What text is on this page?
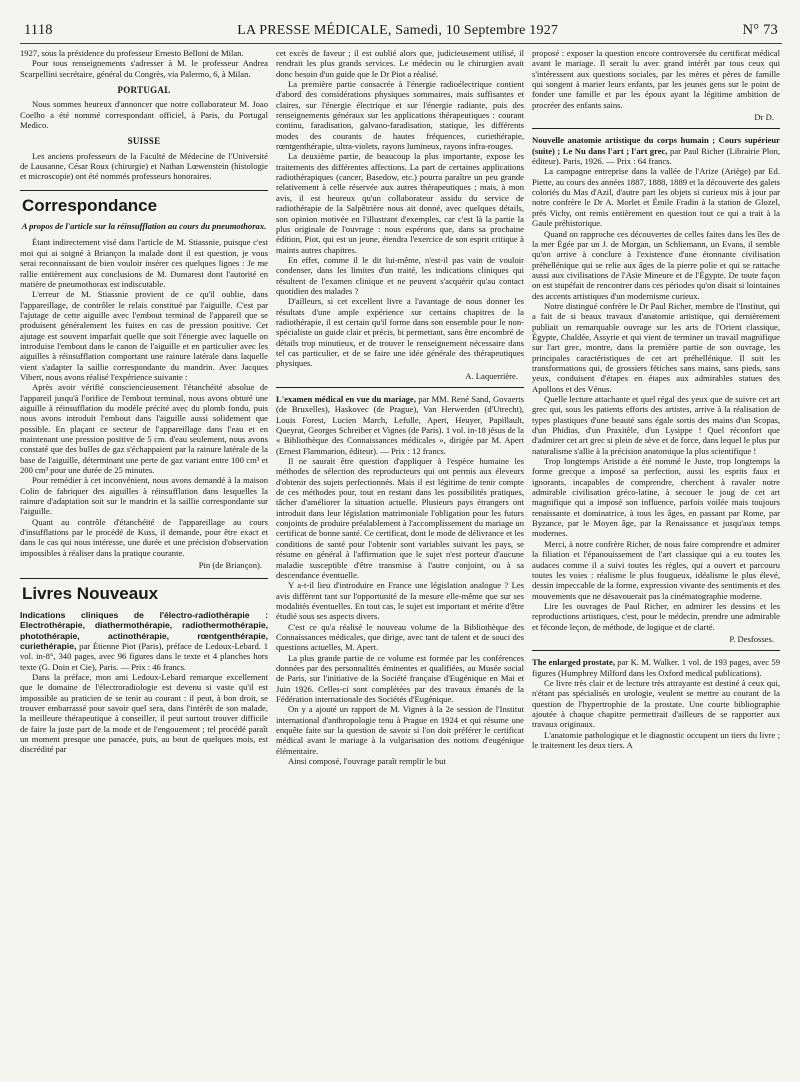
1118	LA PRESSE MÉDICALE, Samedi, 10 Septembre 1927	N° 73

1927, sous la présidence du professeur Ernesto Belloni de Milan.

Pour tous renseignements s'adresser à M. le professeur Andrea Scarpellini secrétaire, général du Congrès, via Palermo, 6, à Milan.

PORTUGAL

Nous sommes heureux d'annoncer que notre collaborateur M. Joao Coelho a été nommé correspondant officiel, à Paris, du Portugal Medico.

SUISSE

Les anciens professeurs de la Faculté de Médecine de l'Université de Lausanne, César Roux (chirurgie) et Nathan Lœwenstein (histologie et microscopie) ont été nommés professeurs honoraires.

Correspondance
A propos de l'article sur la réinsufflation au cours du pneumothorax.

Étant indirectement visé dans l'article de M. Stiassnie, puisque c'est moi qui ai soigné à Briançon la malade dont il est question, je vous serai reconnaissant de bien vouloir insérer ces quelques lignes : Je me rallie entièrement aux conclusions de M. Dumarest dont l'autorité en matière de pneumothorax est indiscutable.

L'erreur de M. Stiassnie provient de ce qu'il oublie, dans l'appareillage, de contrôler le relais constitué par l'aiguille. C'est par l'ajutage de cette aiguille avec l'embout terminal de l'appareil que se produisent généralement les fuites en cas de pression positive. Cet ajutage est souvent imparfait quelle que soit l'énergie avec laquelle on introduise l'embout dans le canon de l'aiguille et en particulier avec les aiguilles à réinsufflation comportant une rainure latérale dans laquelle vient s'adapter la saillie correspondante du mandrin. Avec Jacques Vibert, nous avons réalisé l'expérience suivante :

Après avoir vérifié consciencieusement l'étanchéité absolue de l'appareil jusqu'à l'orifice de l'embout terminal, nous avons obturé une aiguille à réinsufflation du modèle précité avec du plomb fondu, puis nous avons introduit l'embout dans l'aiguille aussi solidement que possible. En plaçant ce secteur de l'appareillage dans l'eau et en maintenant une pression positive de 5 cm. d'eau seulement, nous avons constaté que des bulles de gaz s'échappaient par la rainure latérale de la base de l'aiguille, déterminant une perte de gaz variant entre 100 cm³ et 200 cm³ pour une durée de 25 minutes.

Pour remédier à cet inconvénient, nous avons demandé à la maison Colin de fabriquer des aiguilles à réinsufflation dans lesquelles la rainure d'adaptation soit sur le mandrin et la saillie correspondante sur l'aiguille.

Quant au contrôle d'étanchéité de l'appareillage au cours d'insufflations par le procédé de Kuss, il demande, pour être exact et dans le cas qui nous intéresse, une durée et une précision d'observation impossibles à réaliser dans la pratique courante.

Pin (de Briançon).
Livres Nouveaux

Indications cliniques de l'électro-radiothérapie : Electrothérapie, diathermothérapie, radiothermothérapie, photothérapie, actinothérapie, rœntgenthérapie, curiethérapie, par Étienne Piot (Paris), préface de Ledoux-Lebard. 1 vol. in-8°, 340 pages, avec 96 figures dans le texte et 4 planches hors texte (G. Doin et Cie), Paris. — Prix : 46 francs.

Dans la préface, mon ami Ledoux-Lebard remarque excellement que le domaine de l'électroradiologie est devenu si vaste qu'il est impossible au praticien de se tenir au courant : il peut, à bon droit, se trouver embarrassé pour savoir quel sera, dans l'intérêt de son malade, la meilleure thérapeutique à conseiller, il peut surtout trouver difficile de faire la juste part de la mode et de l'engouement ; tel procédé paraît un moment presque une panacée, puis, au bout de quelques mois, est discrédité par

cet excès de faveur ; il est oublié alors que, judicieusement utilisé, il rendrait les plus grands services. Le médecin ou le chirurgien avait donc besoin d'un guide que le Dr Piot a réalisé.

La première partie consacrée à l'énergie radioélectrique contient d'abord des considérations physiques sommaires, mais suffisantes et claires, sur l'énergie électrique et sur l'énergie radiante, puis des renseignements généraux sur les applications thérapeutiques : courant continu, faradisation, galvano-faradisation, statique, les différents modes des courants de hautes fréquences, curiethérapie, rœntgenthérapie, ultra-violets, rayons lumineux, rayons infra-rouges.

La deuxième partie, de beaucoup la plus importante, expose les traitements des différentes affections. La part de certaines applications radiothérapiques (cancer, Basedow, etc.) pourra paraître un peu grande relativement à celle réservée aux autres thérapeutiques ; mais, à mon avis, il est heureux qu'un collaborateur assidu du service de radiothérapie de la Salpêtrière nous ait donné, avec quelques détails, son opinion motivée en l'illustrant d'exemples, car c'est là la partie la plus originale de l'ouvrage : nous espérons que, dans sa prochaine édition, Piot, qui est un jeune, étendra l'exercice de son esprit critique à maints autres chapitres.

En effet, comme il le dit lui-même, n'est-il pas vain de vouloir condenser, dans les limites d'un traité, les indications cliniques qui résultent de l'examen clinique et ne peuvent s'acquérir qu'au contact quotidien des malades ?

D'ailleurs, si cet excellent livre a l'avantage de nous donner les résultats d'une ample expérience sur certains chapitres de la radiothérapie, il est certain qu'il forme dans son ensemble pour le non-spécialiste un guide clair et précis, bi permettant, sans être encombré de détails trop minutieux, et de trouver le renseignement nécessaire dans tel cas particulier, et de se faire une idée générale des thérapeutiques physiques.

A. Laquerrière.

L'examen médical en vue du mariage, par MM. René Sand, Govaerts (de Bruxelles), Haskovec (de Prague), Van Herwerden (d'Utrecht), Louis Forest, Lucien March, Lefulle, Apert, Heuyer, Papillault, Queyrat, Georges Schreiber et Vignes (de Paris). 1 vol. in-18 jésus de la « Bibliothèque des Connaissances médicales », dirigée par M. Apert (Ernest Flammarion, éditeur). — Prix : 12 francs.

Il ne saurait être question d'appliquer à l'espèce humaine les méthodes de sélection des reproducteurs qui ont permis aux éleveurs d'obtenir des sujets perfectionnés. Mais il est légitime de tenir compte de ces méthodes pour, tout en restant dans les possibilités pratiques, tâcher d'améliorer la situation actuelle. Plusieurs pays étrangers ont introduit dans leur législation matrimoniale l'obligation pour les futurs conjoints de produire préalablement à l'accomplissement du mariage un certificat de bonne santé. Ce certificat, dont le mode de délivrance et les conditions de santé pour l'obtenir sont variables suivant les pays, se résume en général à l'affirmation que le sujet n'est porteur d'aucune maladie susceptible d'être transmise à l'autre conjoint, ou à sa descendance éventuelle.

Y a-t-il lieu d'introduire en France une législation analogue ? Les avis diffèrent tant sur l'opportunité de la mesure elle-même que sur ses modalités éventuelles. En tout cas, le sujet est important et mérite d'être étudié sous ses aspects divers.

C'est ce qu'a réalisé le nouveau volume de la Bibliothèque des Connaissances médicales, que dirige, avec tant de talent et de souci des questions actuelles, M. Apert.

La plus grande partie de ce volume est formée par les conférences données par des personnalités éminentes et qualifiées, au Musée social de Paris, sur l'initiative de la Société française d'Eugénique en Mai et Juin 1926. Celles-ci sont complétées par des travaux émanés de la Fédération internationale des Sociétés d'Eugénique.

On y a ajouté un rapport de M. Vignes à la 2e session de l'Institut international d'anthropologie tenu à Prague en 1924 et qui résume une enquête faite sur la question de savoir si l'on doit préférer le certificat médical avant le mariage à la vulgarisation des notions d'eugénique élémentaire.

Ainsi composé, l'ouvrage paraît remplir le but

proposé : exposer la question encore controversée du certificat médical avant le mariage. Il serait lu avec grand intérêt par tous ceux qui s'intéressent aux questions sociales, par les mères et pères de famille qui songent à marier leurs enfants, par les jeunes gens sur le point de fonder une famille et par les époux ayant la légitime ambition de procréer des enfants sains.

Dr D.

Nouvelle anatomie artistique du corps humain ; Cours supérieur (suite) ; Le Nu dans l'art ; l'art grec, par Paul Richer (Librairie Plon, éditeur). Paris, 1926. — Prix : 64 francs.

La campagne entreprise dans la vallée de l'Arize (Ariège) par Ed. Piette, au cours des années 1887, 1888, 1889 et la découverte des galets coloriés du Mas d'Azil, d'autre part les objets si curieux mis à jour par notre confrère le Dr A. Morlet et Émile Fradin à la station de Glozel, près Vichy, ont remis entièrement en question tout ce qui a trait à la Gaule préhistorique.

Quand on rapproche ces découvertes de celles faites dans les îles de la mer Égée par un J. de Morgan, un Schliemann, un Evans, il semble qu'on arrive à conclure à l'existence d'une étonnante civilisation préhellénique qui se relie aux âges de la pierre polie et qui se rattache aussi aux civilisations de l'Asie Mineure et de l'Égypte. De toute façon on est stupéfait de rencontrer dans ces périodes qu'on disait si lointaines des accents artistiques d'un modernisme curieux.

Notre distingué confrère le Dr Paul Richer, membre de l'Institut, qui a fait de si beaux travaux d'anatomie artistique, qui dernièrement publiait un remarquable ouvrage sur les arts de l'Orient classique, Égypte, Chaldée, Assyrie et qui vient de terminer un travail magnifique sur l'art grec, montre, dans la première partie de son ouvrage, les principales caractéristiques de cet art préhellénique. Il suit les transformations qui, de grossiers fétiches sans mains, sans pieds, sans yeux, conduisent d'étapes en étapes aux admirables statues des Apollons et des Vénus.

Quelle lecture attachante et quel régal des yeux que de suivre cet art grec qui, sous les patients efforts des artistes, arrive à la réalisation de types plastiques d'une beauté sans égale sortis des mains d'un Scopas, d'un Phidias, d'un Praxitèle, d'un Lysippe ! Quel réconfort que d'admirer cet art grec si plein de sève et de force, dans lequel le plus pur naturalisme s'allie à la précision anatomique la plus scientifique !

Trop longtemps Aristide a été nommé le Juste, trop longtemps la forme grecque a imposé sa perfection, aussi les esprits faux et ignorants, incapables de comprendre, cherchent à ravaler notre admirable civilisation gréco-latine, à secouer le joug de cet art magnifique qui a imposé son influence, parfois voilée mais toujours renaissante et dominatrice, à tous les âges, en passant par Rome, par Byzance, par le Moyen âge, par la Renaissance et jusqu'aux temps modernes.

Merci, à notre confrère Richer, de nous faire comprendre et admirer la filiation et l'épanouissement de l'art classique qui a eu toutes les audaces comme il a suivi toutes les règles, qui a ouvert et parcouru toutes les voies : réalisme le plus fougueux, idéalisme le plus élevé, dessin impeccable de la forme, expression vivante des sentiments et des mouvements que ne désavouerait pas la cinématographie moderne.

Lire les ouvrages de Paul Richer, en admirer les dessins et les reproductions artistiques, c'est, pour le médecin, prendre une admirable et féconde leçon, de méthode, de logique et de clarté.

P. Desfosses.

The enlarged prostate, par K. M. Walker. 1 vol. de 193 pages, avec 59 figures (Humphrey Milford dans les Oxford medical publications).

Ce livre très clair et de lecture très attrayante est destiné à ceux qui, n'étant pas spécialisés en urologie, veulent se mettre au courant de la question de l'hypertrophie de la prostate. Une courte bibliographie ajoutée à chaque chapitre permettrait d'ailleurs de se rapporter aux travaux originaux.

L'anatomie pathologique et le diagnostic occupent un tiers du livre ; le traitement les deux tiers. A
